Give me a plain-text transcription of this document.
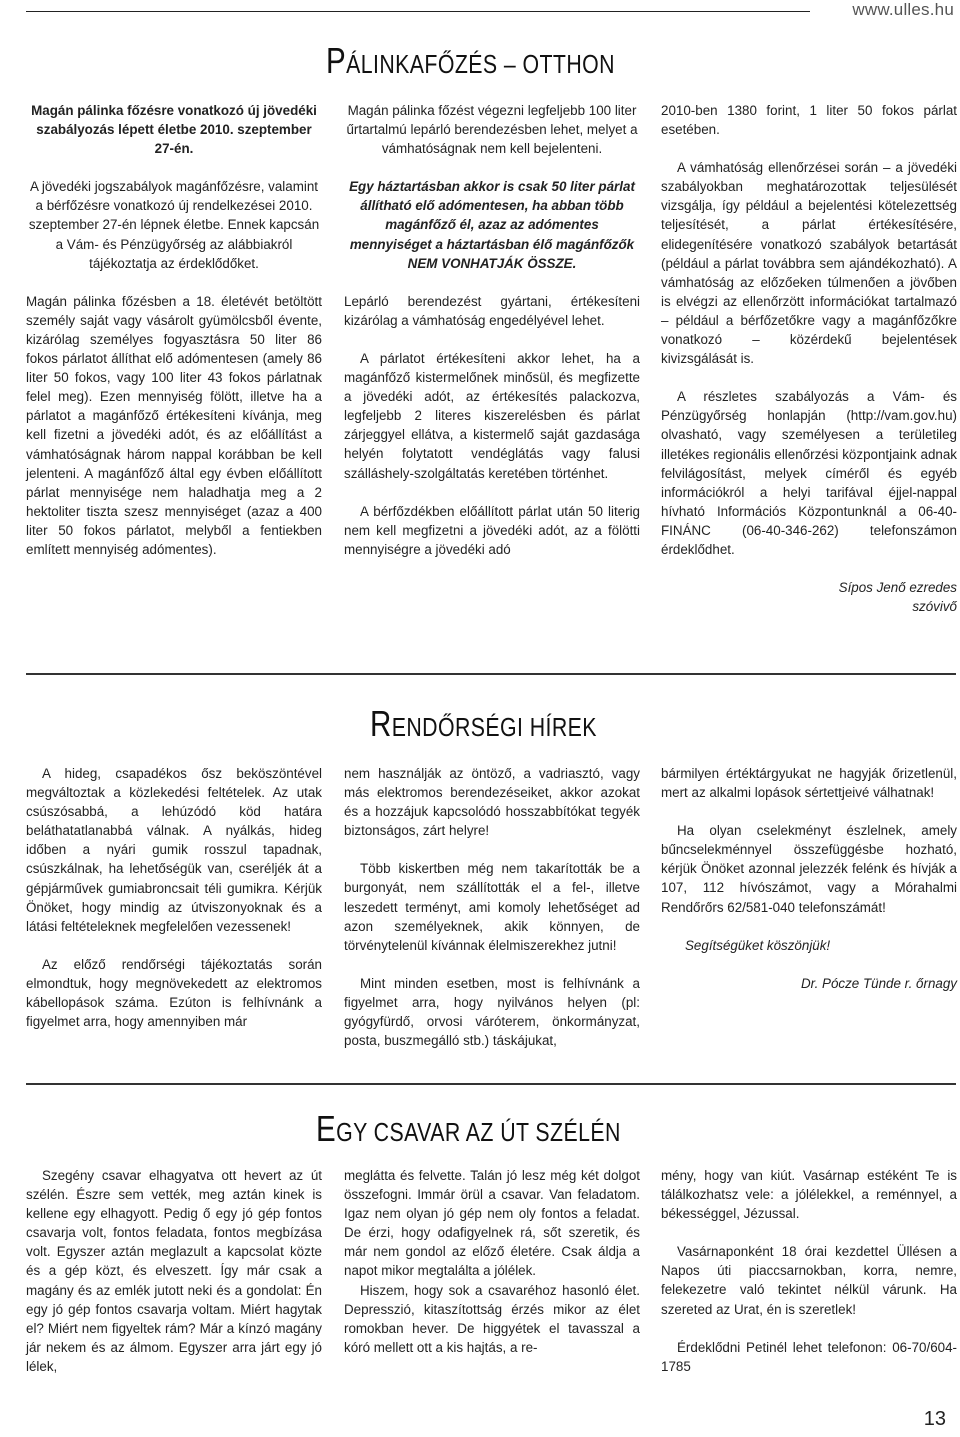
www.ulles.hu
PÁLINKAFŐZÉS – OTTHON

Magán pálinka főzésre vonatkozó új jövedéki szabályozás lépett életbe 2010. szeptember 27-én.

A jövedéki jogszabályok magánfőzésre, valamint a bérfőzésre vonatkozó új rendelkezései 2010. szeptember 27-én lépnek életbe. Ennek kapcsán a Vám- és Pénzügyőrség az alábbiakról tájékoztatja az érdeklődőket.

Magán pálinka főzésben a 18. életévét betöltött személy saját vagy vásárolt gyümölcsből évente, kizárólag személyes fogyasztásra 50 liter 86 fokos párlatot állíthat elő adómentesen (amely 86 liter 50 fokos, vagy 100 liter 43 fokos párlatnak felel meg). Ezen mennyiség fölött, illetve ha a párlatot a magánfőző értékesíteni kívánja, meg kell fizetni a jövedéki adót, és az előállítást a vámhatóságnak három nappal korábban be kell jelenteni. A magánfőző által egy évben előállított párlat mennyisége nem haladhatja meg a 2 hektoliter tiszta szesz mennyiséget (azaz a 400 liter 50 fokos párlatot, melyből a fentiekben említett mennyiség adómentes).

Magán pálinka főzést végezni legfeljebb 100 liter űrtartalmú lepárló berendezésben lehet, melyet a vámhatóságnak nem kell bejelenteni.

Egy háztartásban akkor is csak 50 liter párlat állítható elő adómentesen, ha abban több magánfőző él, azaz az adómentes mennyiséget a háztartásban élő magánfőzők NEM VONHATJÁK ÖSSZE.

Lepárló berendezést gyártani, értékesíteni kizárólag a vámhatóság engedélyével lehet.

A párlatot értékesíteni akkor lehet, ha a magánfőző kistermelőnek minősül, és megfizette a jövedéki adót, az értékesítés palackozva, legfeljebb 2 literes kiszerelésben és párlat zárjeggyel ellátva, a kistermelő saját gazdasága helyén folytatott vendéglátás vagy falusi szálláshely-szolgáltatás keretében történhet.

A bérfőzdékben előállított párlat után 50 literig nem kell megfizetni a jövedéki adót, az a fölötti mennyiségre a jövedéki adó

2010-ben 1380 forint, 1 liter 50 fokos párlat esetében.

A vámhatóság ellenőrzései során – a jövedéki szabályokban meghatározottak teljesülését vizsgálja, így például a bejelentési kötelezettség teljesítését, a párlat értékesítésére, elidegenítésére vonatkozó szabályok betartását (például a párlat továbbra sem ajándékozható). A vámhatóság az előzőeken túlmenően a jövőben is elvégzi az ellenőrzött információkat tartalmazó – például a bérfőzetőkre vagy a magánfőzőkre vonatkozó – közérdekű bejelentések kivizsgálását is.

A részletes szabályozás a Vám- és Pénzügyőrség honlapján (http://vam.gov.hu) olvasható, vagy személyesen a területileg illetékes regionális ellenőrzési központjaink adnak felvilágosítást, melyek címéről és egyéb információkról a helyi tarifával éjjel-nappal hívható Információs Központunknál a 06-40-FINÁNC (06-40-346-262) telefonszámon érdeklődhet.

Sípos Jenő ezredes

szóvivő

RENDŐRSÉGI HÍREK

A hideg, csapadékos ősz beköszöntével megváltoztak a közlekedési feltételek. Az utak csúszósabbá, a lehúzódó köd határa beláthatatlanabbá válnak. A nyálkás, hideg időben a nyári gumik rosszul tapadnak, csúszkálnak, ha lehetőségük van, cseréljék át a gépjárművek gumiabroncsait téli gumikra. Kérjük Önöket, hogy mindig az útviszonyoknak és a látási feltételeknek megfelelően vezessenek!

Az előző rendőrségi tájékoztatás során elmondtuk, hogy megnövekedett az elektromos kábellopások száma. Ezúton is felhívnánk a figyelmet arra, hogy amennyiben már

nem használják az öntöző, a vadriasztó, vagy más elektromos berendezéseiket, akkor azokat és a hozzájuk kapcsolódó hosszabbítókat tegyék biztonságos, zárt helyre!

Több kiskertben még nem takarították be a burgonyát, nem szállították el a fel-, illetve leszedett terményt, ami komoly lehetőséget ad azon személyeknek, akik könnyen, de törvénytelenül kívánnak élelmiszerekhez jutni!

Mint minden esetben, most is felhívnánk a figyelmet arra, hogy nyilvános helyen (pl: gyógyfürdő, orvosi váróterem, önkormányzat, posta, buszmegálló stb.) táskájukat,

bármilyen értéktárgyukat ne hagyják őrizetlenül, mert az alkalmi lopások sértettjeivé válhatnak!

Ha olyan cselekményt észlelnek, amely bűncselekménnyel összefüggésbe hozható, kérjük Önöket azonnal jelezzék felénk és hívják a 107, 112 hívószámot, vagy a Mórahalmi Rendőrőrs 62/581-040 telefonszámát!

Segítségüket köszönjük!

Dr. Pócze Tünde r. őrnagy

EGY CSAVAR AZ ÚT SZÉLÉN

Szegény csavar elhagyatva ott hevert az út szélén. Észre sem vették, meg aztán kinek is kellene egy elhagyott. Pedig ő egy jó gép fontos csavarja volt, fontos feladata, fontos megbízása volt. Egyszer aztán meglazult a kapcsolat közte és a gép közt, és elveszett. Így már csak a magány és az emlék jutott neki és a gondolat: Én egy jó gép fontos csavarja voltam. Miért hagytak el? Miért nem figyeltek rám? Már a kínzó magány jár nekem és az álmom. Egyszer arra járt egy jó lélek,

meglátta és felvette. Talán jó lesz még két dolgot összefogni. Immár örül a csavar. Van feladatom. Igaz nem olyan jó gép nem oly fontos a feladat. De érzi, hogy odafigyelnek rá, sőt szeretik, és már nem gondol az előző életére. Csak áldja a napot mikor megtalálta a jólélek.

Hiszem, hogy sok a csavaréhoz hasonló élet. Depresszió, kitaszítottság érzés mikor az élet romokban hever. De higgyétek el tavasszal a kóró mellett ott a kis hajtás, a re-

mény, hogy van kiút. Vasárnap estéként Te is tálálkozhatsz vele: a jólélekkel, a reménnyel, a békességgel, Jézussal.

Vasárnaponként 18 órai kezdettel Üllésen a Napos úti piaccsarnokban, korra, nemre, felekezetre való tekintet nélkül várunk. Ha szereted az Urat, én is szeretlek!

Érdeklődni Petinél lehet telefonon: 06-70/604-1785

13
